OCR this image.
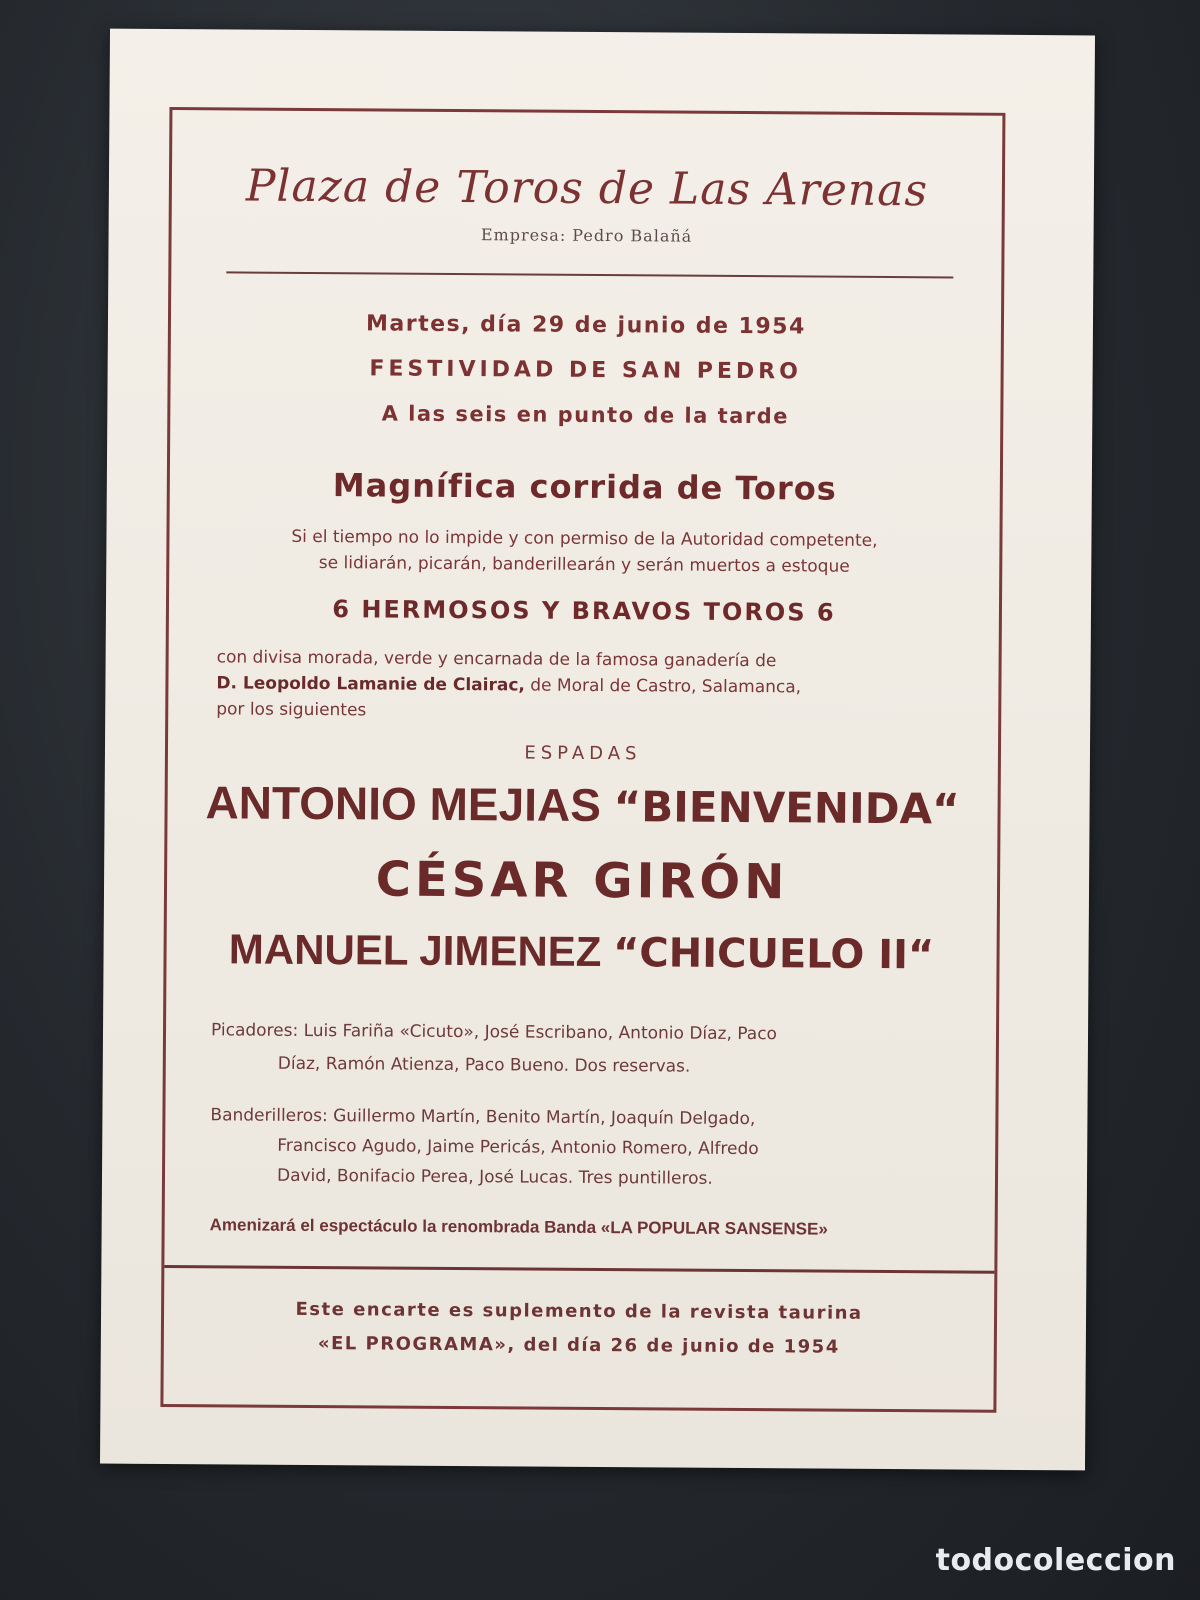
Plaza de Toros de Las Arenas
Empresa: Pedro Balañá
Martes, día 29 de junio de 1954
FESTIVIDAD DE SAN PEDRO
A las seis en punto de la tarde
Magnífica corrida de Toros
Si el tiempo no lo impide y con permiso de la Autoridad competente,
se lidiarán, picarán, banderillearán y serán muertos a estoque
6 HERMOSOS Y BRAVOS TOROS 6
con divisa morada, verde y encarnada de la famosa ganadería de
D. Leopoldo Lamanie de Clairac, de Moral de Castro, Salamanca,
por los siguientes
ESPADAS
ANTONIO MEJIAS “BIENVENIDA“
CÉSAR GIRÓN
MANUEL JIMENEZ “CHICUELO II“
Picadores: Luis Fariña «Cicuto», José Escribano, Antonio Díaz, Paco
Díaz, Ramón Atienza, Paco Bueno. Dos reservas.
Banderilleros: Guillermo Martín, Benito Martín, Joaquín Delgado,
Francisco Agudo, Jaime Pericás, Antonio Romero, Alfredo
David, Bonifacio Perea, José Lucas. Tres puntilleros.
Amenizará el espectáculo la renombrada Banda «LA POPULAR SANSENSE»
Este encarte es suplemento de la revista taurina
«EL PROGRAMA», del día 26 de junio de 1954
todocoleccion
